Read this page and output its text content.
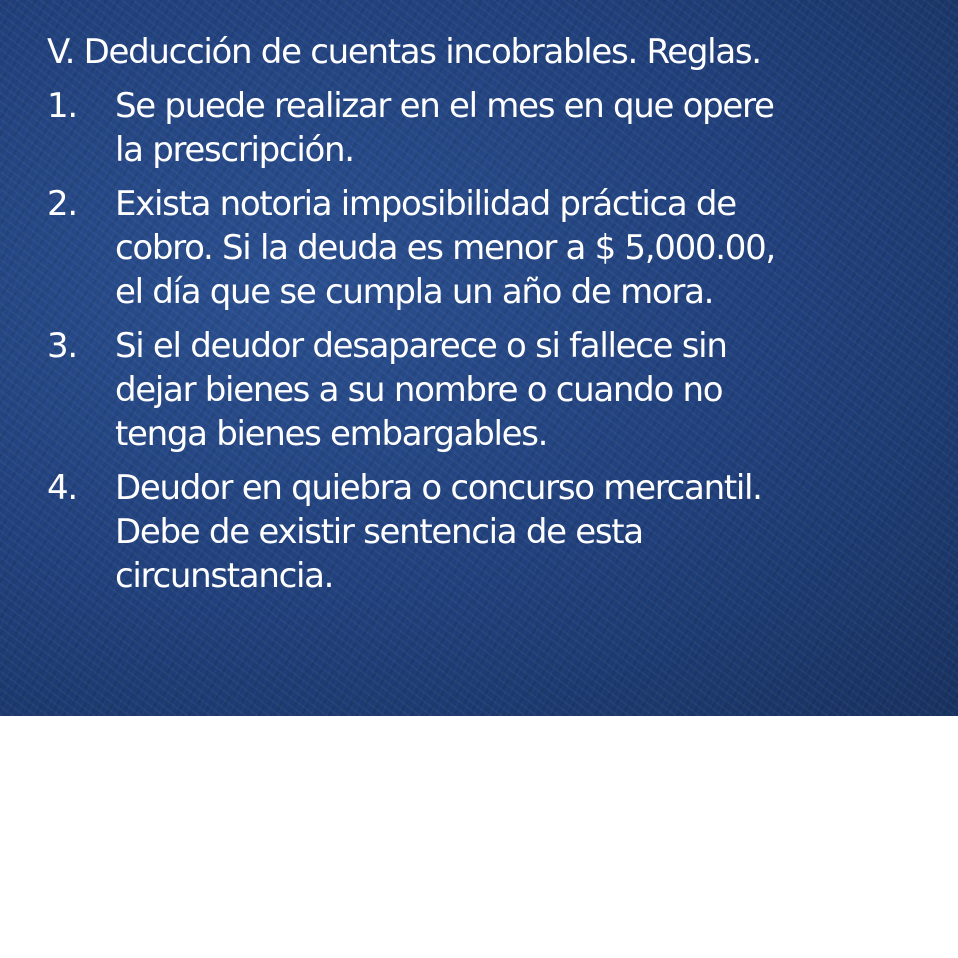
V. Deducción de cuentas incobrables. Reglas.
1.	Se puede realizar en el mes en que opere
la prescripción.
2.	Exista notoria imposibilidad práctica de
cobro. Si la deuda es menor a $ 5,000.00,
el día que se cumpla un año de mora.
3.	Si el deudor desaparece o si fallece sin
dejar bienes a su nombre o cuando no
tenga bienes embargables.
4.	Deudor en quiebra o concurso mercantil.
Debe de existir sentencia de esta
circunstancia.
